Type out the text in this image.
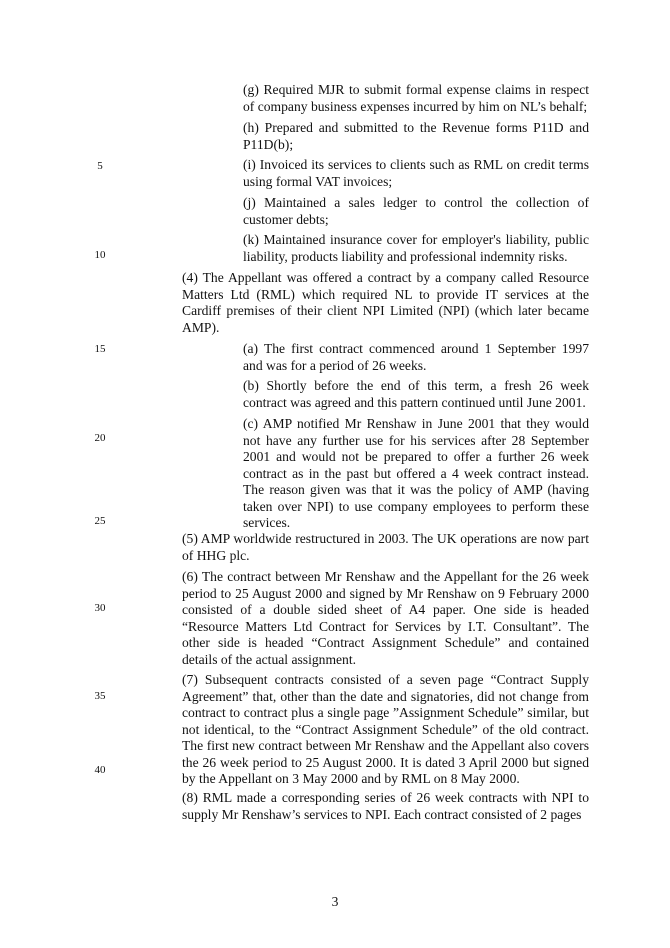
(g) Required MJR to submit formal expense claims in respect of company business expenses incurred by him on NL’s behalf;

(h) Prepared and submitted to the Revenue forms P11D and P11D(b);

(i) Invoiced its services to clients such as RML on credit terms using formal VAT invoices;

(j) Maintained a sales ledger to control the collection of customer debts;

(k) Maintained insurance cover for employer's liability, public liability, products liability and professional indemnity risks.

(4) The Appellant was offered a contract by a company called Resource Matters Ltd (RML) which required NL to provide IT services at the Cardiff premises of their client NPI Limited (NPI) (which later became AMP).

(a) The first contract commenced around 1 September 1997 and was for a period of 26 weeks.

(b) Shortly before the end of this term, a fresh 26 week contract was agreed and this pattern continued until June 2001.

(c) AMP notified Mr Renshaw in June 2001 that they would not have any further use for his services after 28 September 2001 and would not be prepared to offer a further 26 week contract as in the past but offered a 4 week contract instead. The reason given was that it was the policy of AMP (having taken over NPI) to use company employees to perform these services.

(5) AMP worldwide restructured in 2003. The UK operations are now part of HHG plc.

(6) The contract between Mr Renshaw and the Appellant for the 26 week period to 25 August 2000 and signed by Mr Renshaw on 9 February 2000 consisted of a double sided sheet of A4 paper. One side is headed “Resource Matters Ltd Contract for Services by I.T. Consultant”. The other side is headed “Contract Assignment Schedule” and contained details of the actual assignment.

(7) Subsequent contracts consisted of a seven page “Contract Supply Agreement” that, other than the date and signatories, did not change from contract to contract plus a single page ”Assignment Schedule” similar, but not identical, to the “Contract Assignment Schedule” of the old contract. The first new contract between Mr Renshaw and the Appellant also covers the 26 week period to 25 August 2000. It is dated 3 April 2000 but signed by the Appellant on 3 May 2000 and by RML on 8 May 2000.

(8) RML made a corresponding series of 26 week contracts with NPI to supply Mr Renshaw’s services to NPI. Each contract consisted of 2 pages

5
10
15
20
25
30
35
40
3
